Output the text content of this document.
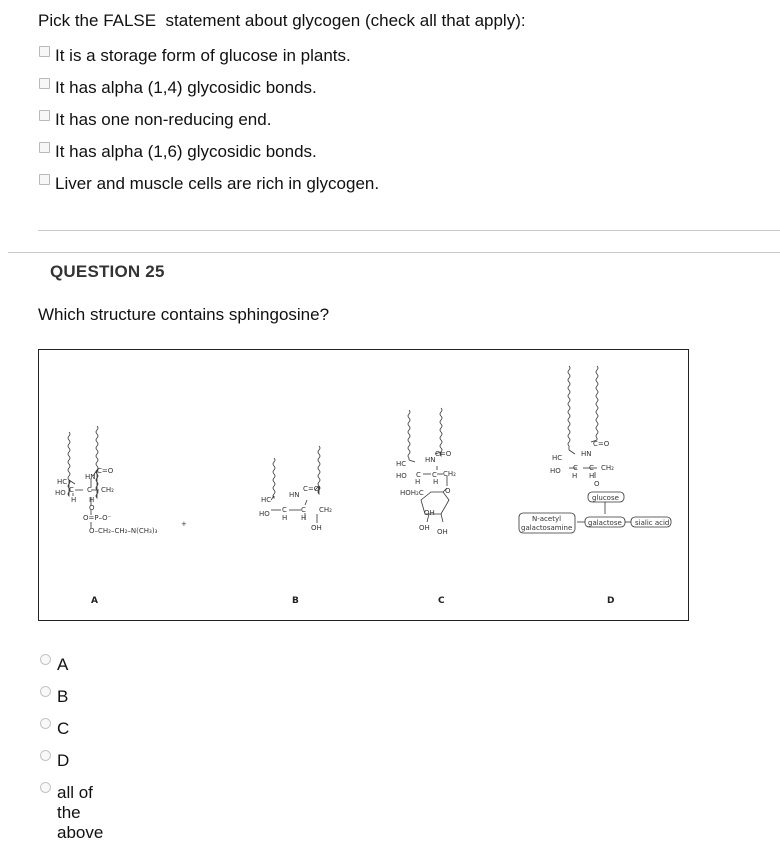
Pick the FALSE  statement about glycogen (check all that apply):
It is a storage form of glucose in plants.
It has alpha (1,4) glycosidic bonds.
It has one non-reducing end.
It has alpha (1,6) glycosidic bonds.
Liver and muscle cells are rich in glycogen.
QUESTION 25
Which structure contains sphingosine?
HC
HN
C=O
HO C C CH₂
H H
O
O=P–O⁻
O–CH₂–CH₂–N(CH₃)₃
+
HC
HN
C=O
HO C C CH₂
H H
OH
HC	HN
C=O
HO C C CH₂
H H
HOH₂C	O
OH
OH OH
HC	HN
C=O
HO C C CH₂
H H
O
glucose
galactose sialic acid
N-acetyl
galactosamine
A	B	C	D
A
B
C
D
all of the above
